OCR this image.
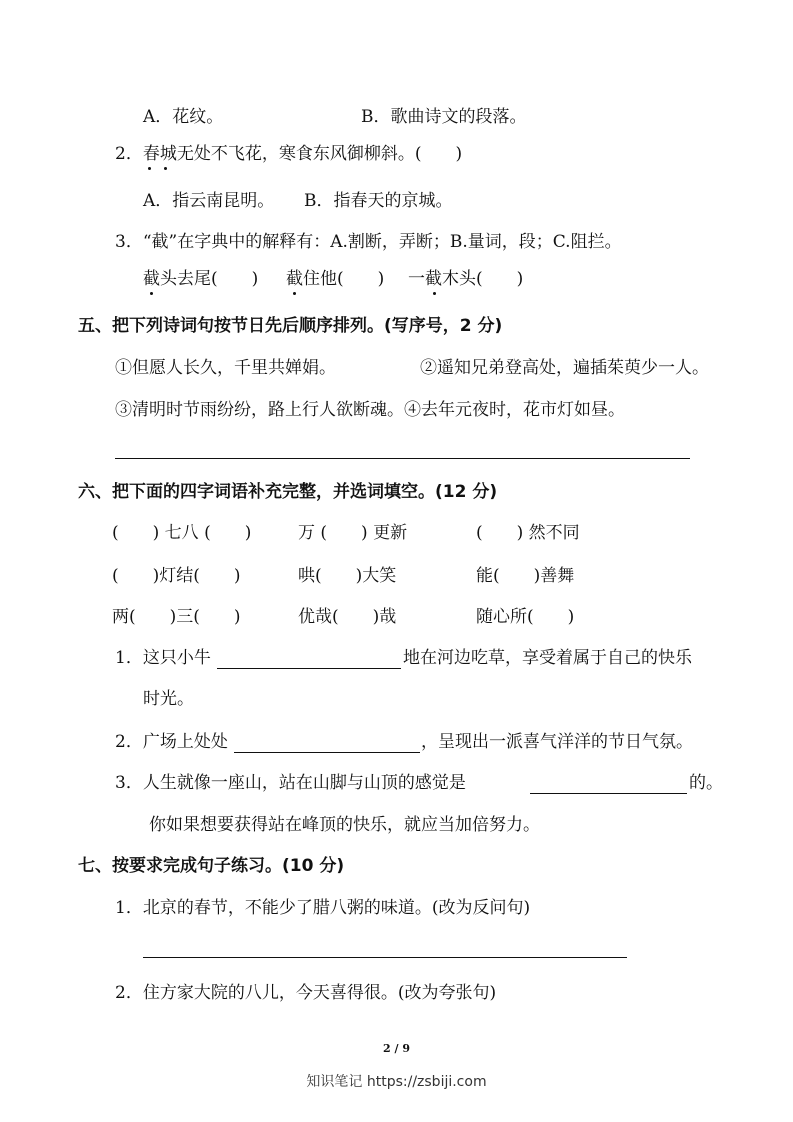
A．花纹。	B．歌曲诗文的段落。
2．春城无处不飞花，寒食东风御柳斜。(　　)
A．指云南昆明。 B．指春天的京城。
3．“截”在字典中的解释有：A.割断，弄断；B.量词，段；C.阻拦。
截头去尾(　　) 截住他(　　) 一截木头(　　)
五、把下列诗词句按节日先后顺序排列。(写序号，2 分)
①但愿人长久，千里共婵娟。	②遥知兄弟登高处，遍插茱萸少一人。
③清明时节雨纷纷，路上行人欲断魂。④去年元夜时，花市灯如昼。
六、把下面的四字词语补充完整，并选词填空。(12 分)
(　　) 七八 (　　)	万 (　　) 更新	(　　) 然不同
(　　)灯结(　　)	哄(　　)大笑	能(　　)善舞
两(　　)三(　　)	优哉(　　)哉	随心所(　　)
1．这只小牛	地在河边吃草，享受着属于自己的快乐
时光。
2．广场上处处	，呈现出一派喜气洋洋的节日气氛。
3．人生就像一座山，站在山脚与山顶的感觉是	的。
你如果想要获得站在峰顶的快乐，就应当加倍努力。
七、按要求完成句子练习。(10 分)
1．北京的春节，不能少了腊八粥的味道。(改为反问句)
2．住方家大院的八儿，今天喜得很。(改为夸张句)
2 / 9
知识笔记 https://zsbiji.com
